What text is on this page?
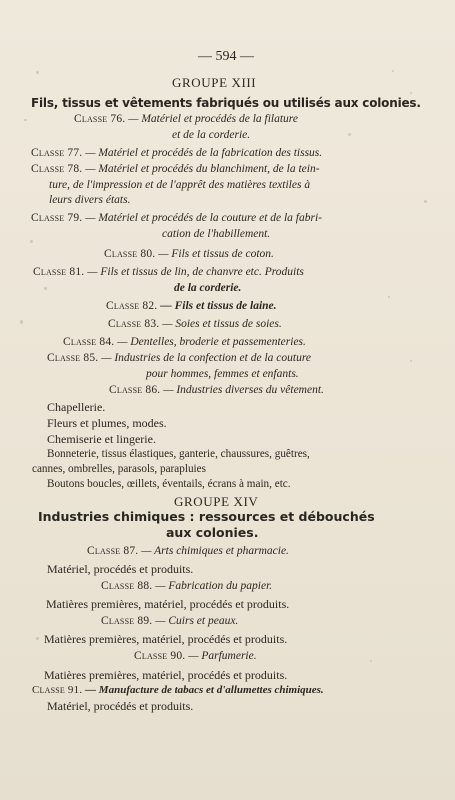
— 594 —
GROUPE XIII
Fils, tissus et vêtements fabriqués ou utilisés aux colonies.
Classe 76. — Matériel et procédés de la filature
et de la corderie.
Classe 77. — Matériel et procédés de la fabrication des tissus.
Classe 78. — Matériel et procédés du blanchiment, de la tein-
ture, de l'impression et de l'apprêt des matières textiles à
leurs divers états.
Classe 79. — Matériel et procédés de la couture et de la fabri-
cation de l'habillement.
Classe 80. — Fils et tissus de coton.
Classe 81. — Fils et tissus de lin, de chanvre etc. Produits
de la corderie.
Classe 82. — Fils et tissus de laine.
Classe 83. — Soies et tissus de soies.
Classe 84. — Dentelles, broderie et passementeries.
Classe 85. — Industries de la confection et de la couture
pour hommes, femmes et enfants.
Classe 86. — Industries diverses du vêtement.
Chapellerie.
Fleurs et plumes, modes.
Chemiserie et lingerie.
Bonneterie, tissus élastiques, ganterie, chaussures, guêtres,
cannes, ombrelles, parasols, parapluies
Boutons boucles, œillets, éventails, écrans à main, etc.
GROUPE XIV
Industries chimiques : ressources et débouchés
aux colonies.
Classe 87. — Arts chimiques et pharmacie.
Matériel, procédés et produits.
Classe 88. — Fabrication du papier.
Matières premières, matériel, procédés et produits.
Classe 89. — Cuirs et peaux.
Matières premières, matériel, procédés et produits.
Classe 90. — Parfumerie.
Matières premières, matériel, procédés et produits.
Classe 91. — Manufacture de tabacs et d'allumettes chimiques.
Matériel, procédés et produits.
